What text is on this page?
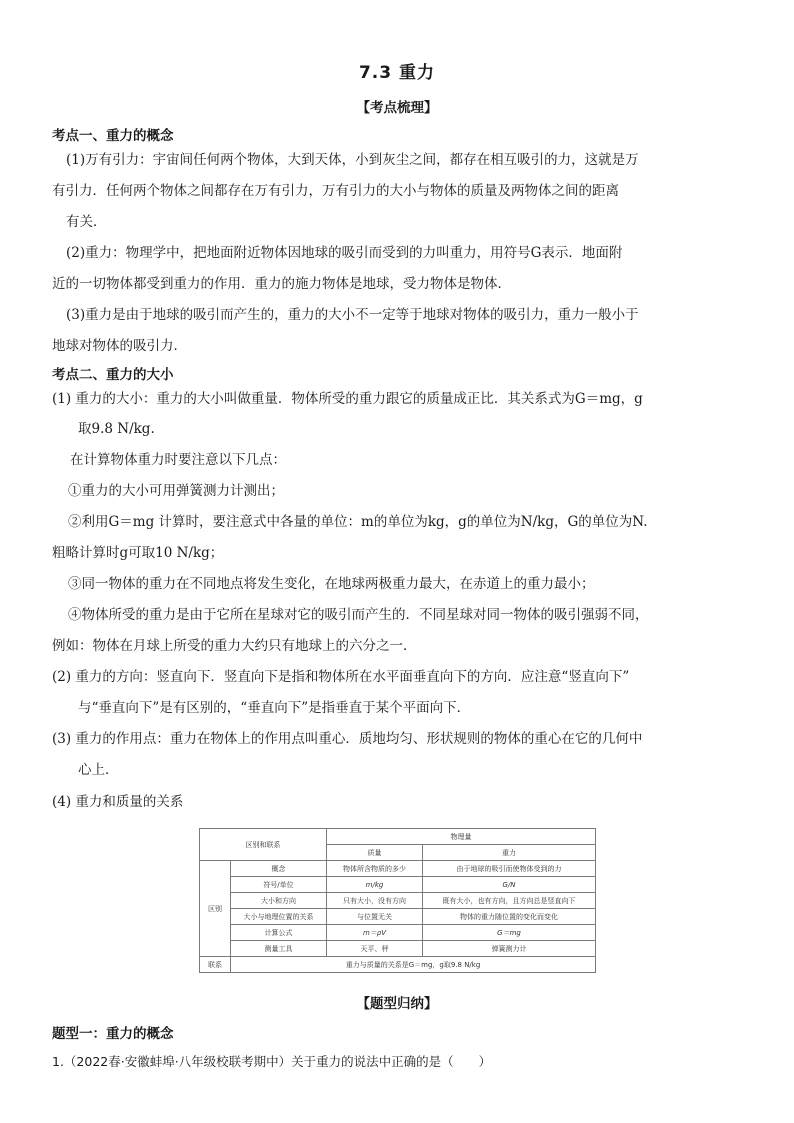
7.3 重力
【考点梳理】
考点一、重力的概念
(1)万有引力：宇宙间任何两个物体，大到天体，小到灰尘之间，都存在相互吸引的力，这就是万
有引力．任何两个物体之间都存在万有引力，万有引力的大小与物体的质量及两物体之间的距离
有关．
(2)重力：物理学中，把地面附近物体因地球的吸引而受到的力叫重力，用符号G表示．地面附
近的一切物体都受到重力的作用．重力的施力物体是地球，受力物体是物体．
(3)重力是由于地球的吸引而产生的，重力的大小不一定等于地球对物体的吸引力，重力一般小于
地球对物体的吸引力．
考点二、重力的大小
(1) 重力的大小：重力的大小叫做重量．物体所受的重力跟它的质量成正比．其关系式为G＝mg，g
取9.8 N/kg.
在计算物体重力时要注意以下几点：
①重力的大小可用弹簧测力计测出；
②利用G＝mg 计算时，要注意式中各量的单位：m的单位为kg，g的单位为N/kg，G的单位为N.
粗略计算时g可取10 N/kg；
③同一物体的重力在不同地点将发生变化，在地球两极重力最大，在赤道上的重力最小；
④物体所受的重力是由于它所在星球对它的吸引而产生的．不同星球对同一物体的吸引强弱不同，
例如：物体在月球上所受的重力大约只有地球上的六分之一．
(2) 重力的方向：竖直向下．竖直向下是指和物体所在水平面垂直向下的方向．应注意“竖直向下”
与“垂直向下”是有区别的，“垂直向下”是指垂直于某个平面向下．
(3) 重力的作用点：重力在物体上的作用点叫重心．质地均匀、形状规则的物体的重心在它的几何中
心上．
(4) 重力和质量的关系
区别和联系		物理量	
		质量	重力
区别	概念	物体所含物质的多少	由于地球的吸引而使物体受到的力
	符号/单位	m/kg	G/N
	大小和方向	只有大小，没有方向	既有大小，也有方向，且方向总是竖直向下
	大小与地理位置的关系	与位置无关	物体的重力随位置的变化而变化
	计算公式	m＝ρV	G＝mg
	测量工具	天平、秤	弹簧测力计
联系	重力与质量的关系是G＝mg，g取9.8 N/kg		
【题型归纳】
题型一：重力的概念
1.（2022春·安徽蚌埠·八年级校联考期中）关于重力的说法中正确的是（　　）
